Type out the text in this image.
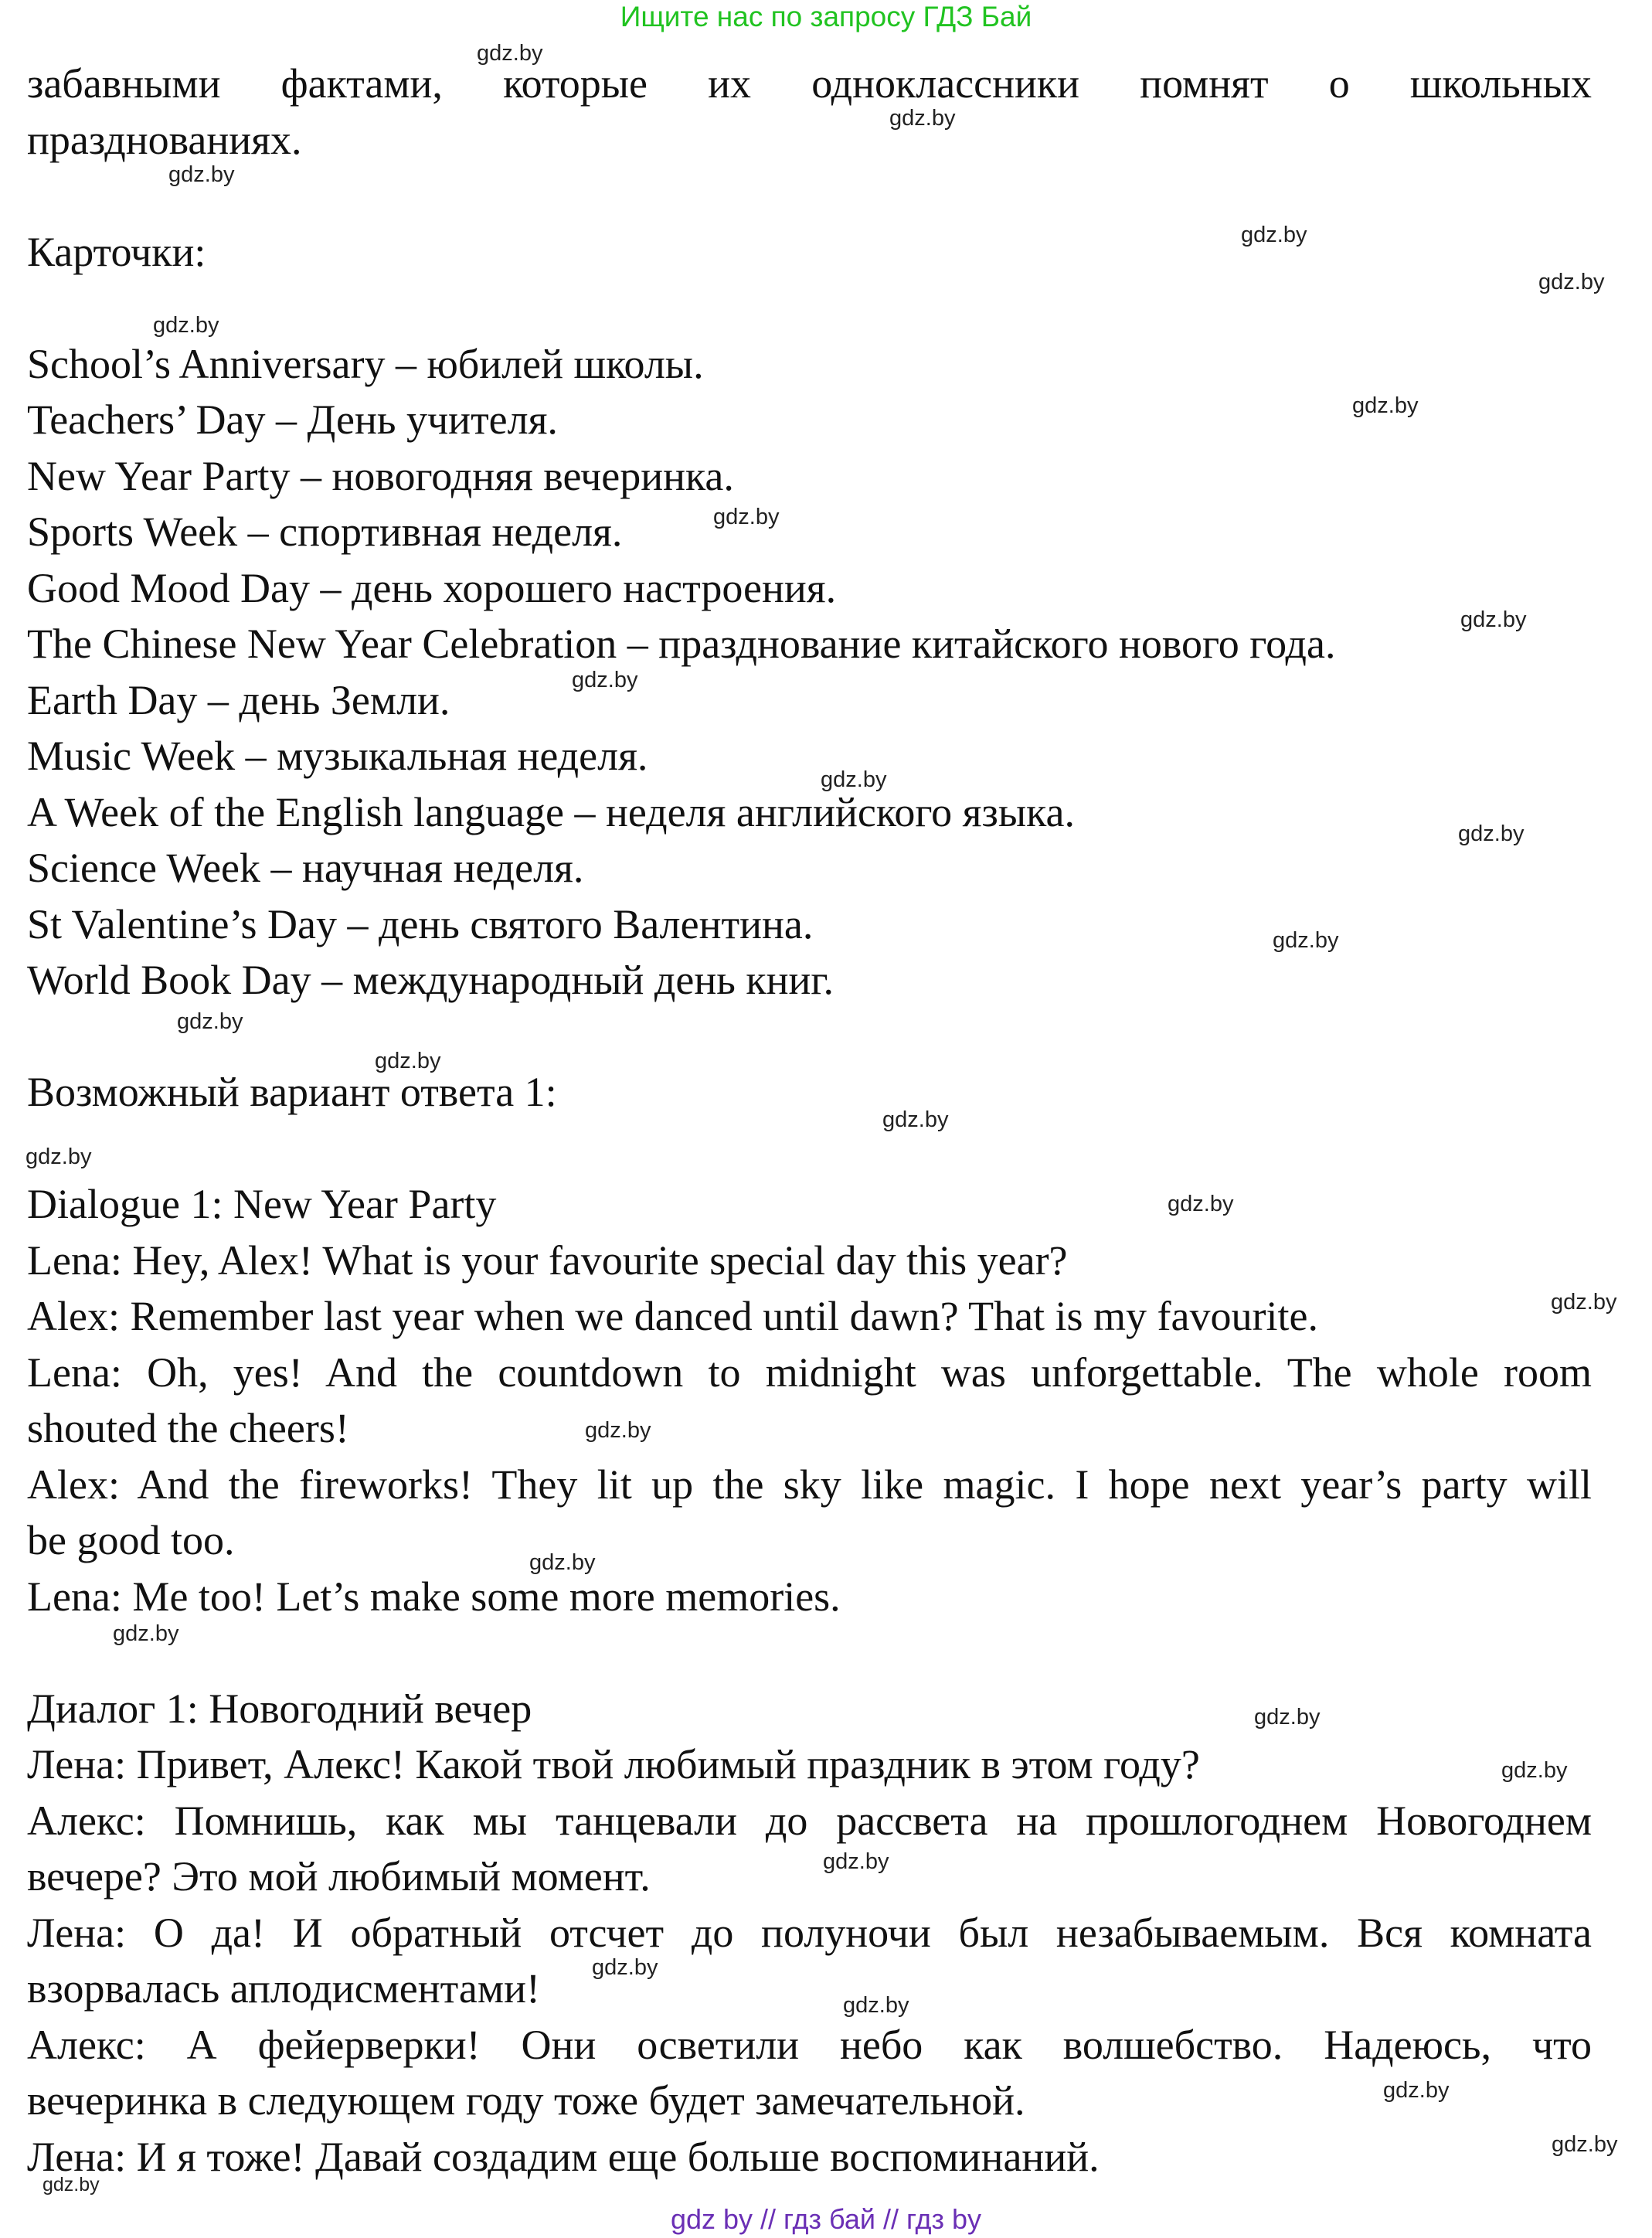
Ищите нас по запросу ГДЗ Бай

забавными фактами, которые их одноклассники помнят о школьных

празднованиях.

Карточки:

School’s Anniversary – юбилей школы.

Teachers’ Day – День учителя.

New Year Party – новогодняя вечеринка.

Sports Week – спортивная неделя.

Good Mood Day – день хорошего настроения.

The Chinese New Year Celebration – празднование китайского нового года.

Earth Day – день Земли.

Music Week – музыкальная неделя.

A Week of the English language – неделя английского языка.

Science Week – научная неделя.

St Valentine’s Day – день святого Валентина.

World Book Day – международный день книг.

Возможный вариант ответа 1:

Dialogue 1: New Year Party

Lena: Hey, Alex! What is your favourite special day this year?

Alex: Remember last year when we danced until dawn? That is my favourite.

Lena: Oh, yes! And the countdown to midnight was unforgettable. The whole room

shouted the cheers!

Alex: And the fireworks! They lit up the sky like magic. I hope next year’s party will

be good too.

Lena: Me too! Let’s make some more memories.

Диалог 1: Новогодний вечер

Лена: Привет, Алекс! Какой твой любимый праздник в этом году?

Алекс: Помнишь, как мы танцевали до рассвета на прошлогоднем Новогоднем

вечере? Это мой любимый момент.

Лена: О да! И обратный отсчет до полуночи был незабываемым. Вся комната

взорвалась аплодисментами!

Алекс: А фейерверки! Они осветили небо как волшебство. Надеюсь, что

вечеринка в следующем году тоже будет замечательной.

Лена: И я тоже! Давай создадим еще больше воспоминаний.

gdz.by
gdz.by
gdz.by
gdz.by
gdz.by
gdz.by
gdz.by
gdz.by
gdz.by
gdz.by
gdz.by
gdz.by
gdz.by
gdz.by
gdz.by
gdz.by
gdz.by
gdz.by
gdz.by
gdz.by
gdz.by
gdz.by
gdz.by
gdz.by
gdz.by
gdz.by
gdz.by
gdz.by
gdz.by
gdz.by
gdz by // гдз бай // гдз by
